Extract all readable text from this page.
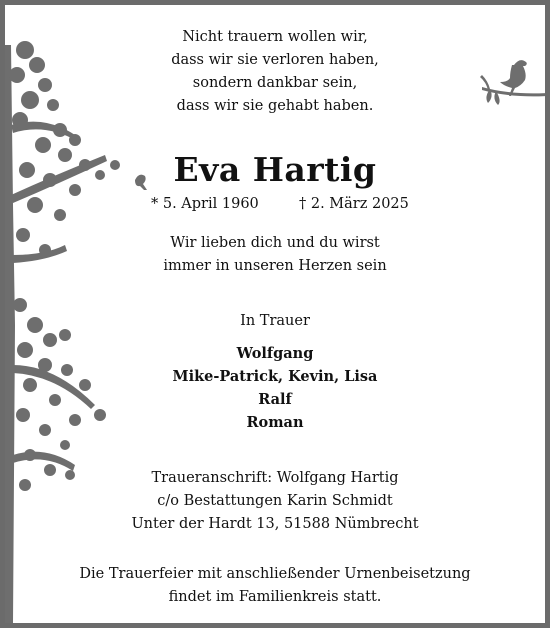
Nicht trauern wollen wir,
dass wir sie verloren haben,
sondern dankbar sein,
dass wir sie gehabt haben.
Eva Hartig
* 5. April 1960	† 2. März 2025
Wir lieben dich und du wirst
immer in unseren Herzen sein
In Trauer
Wolfgang
Mike-Patrick, Kevin, Lisa
Ralf
Roman
Traueranschrift: Wolfgang Hartig
c/o Bestattungen Karin Schmidt
Unter der Hardt 13, 51588 Nümbrecht
Die Trauerfeier mit anschließender Urnenbeisetzung
findet im Familienkreis statt.
